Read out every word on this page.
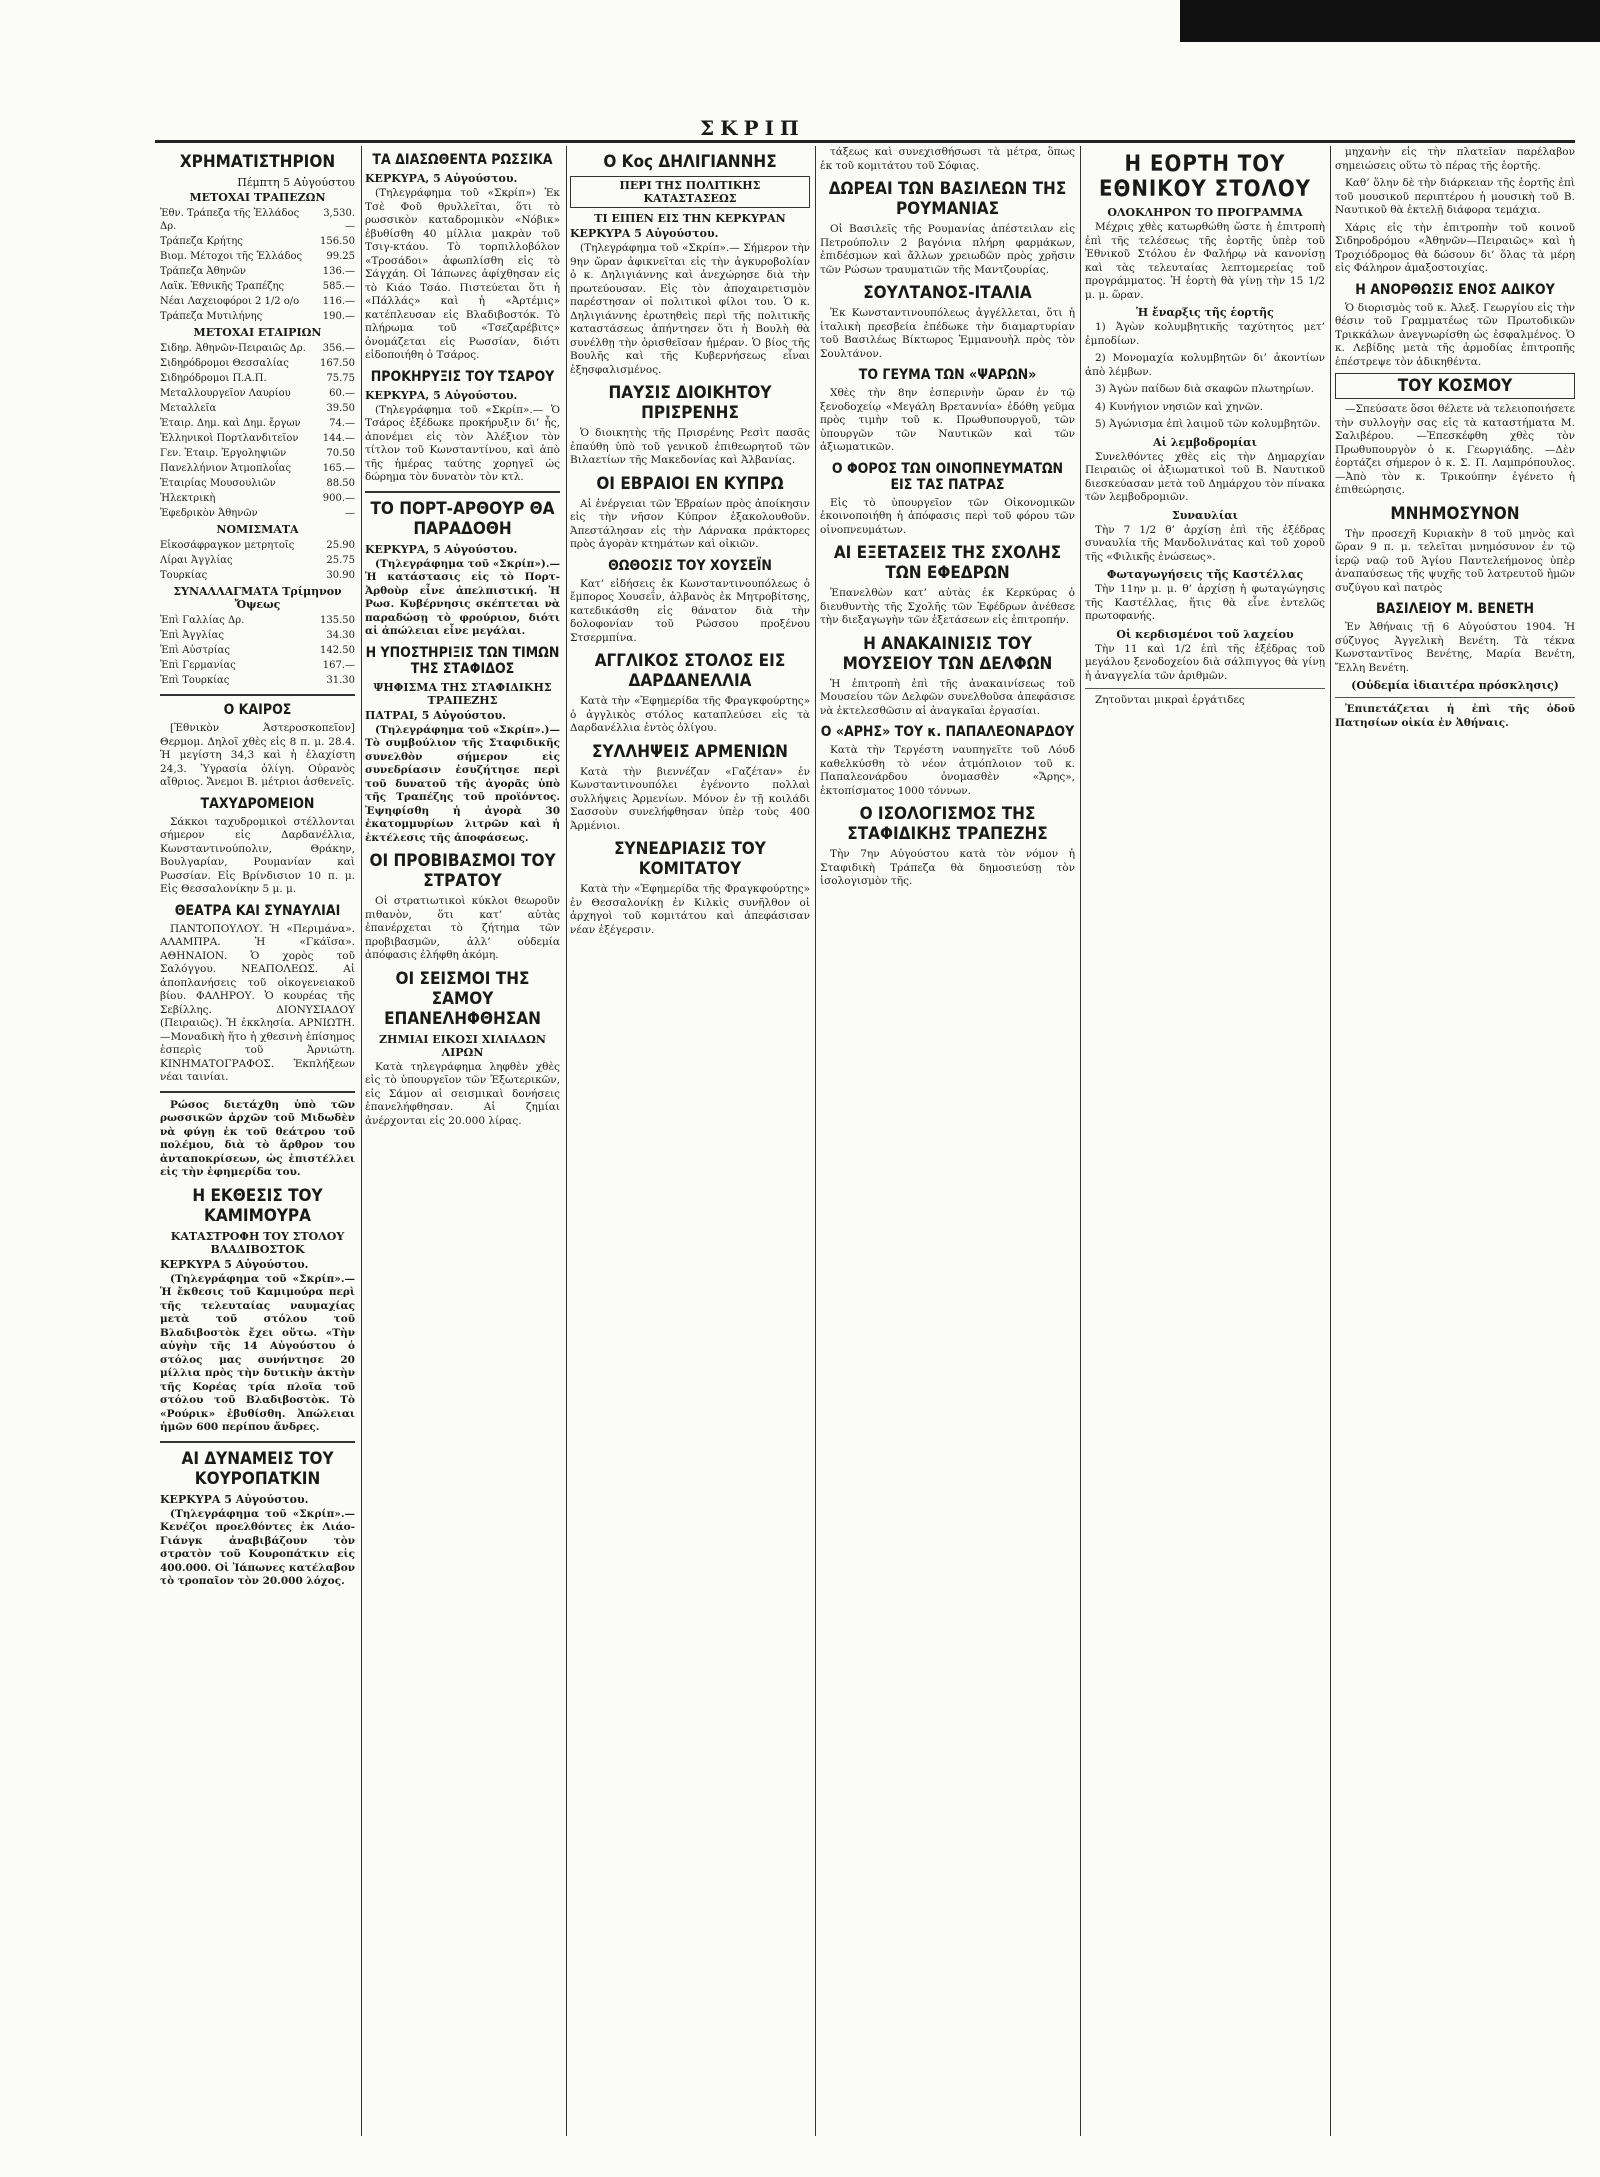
ΣΚΡΙΠ
ΧΡΗΜΑΤΙΣΤΗΡΙΟΝ
Πέμπτη 5 Αὐγούστου
ΜΕΤΟΧΑΙ ΤΡΑΠΕΖΩΝ
Ἐθν. Τράπεζα τῆς Ἑλλάδος Δρ.	3,530.—
Τράπεζα Κρήτης	156.50
Βιομ. Μέτοχοι τῆς Ἑλλάδος	99.25
Τράπεζα Ἀθηνῶν	136.—
Λαϊκ. Ἐθνικῆς Τραπέζης	585.—
Νέαι Λαχειοφόροι 2 1/2 ο/ο	116.—
Τράπεζα Μυτιλήνης	190.—
ΜΕΤΟΧΑΙ ΕΤΑΙΡΙΩΝ
Σιδηρ. Ἀθηνῶν-Πειραιῶς Δρ.	356.—
Σιδηρόδρομοι Θεσσαλίας	167.50
Σιδηρόδρομοι Π.Α.Π.	75.75
Μεταλλουργεῖον Λαυρίου	60.—
Μεταλλεῖα	39.50
Ἑταιρ. Δημ. καὶ Δημ. ἔργων	74.—
Ἑλληνικοὶ Πορτλανδιτεῖον	144.—
Γεν. Ἑταιρ. Ἐργοληψιῶν	70.50
Πανελλήνιον Ἀτμοπλοΐας	165.—
Ἑταιρίας Μουσουλιῶν	88.50
Ἠλεκτρικὴ	900.—
Ἐφεδρικὸν Ἀθηνῶν	—
ΝΟΜΙΣΜΑΤΑ
Εἰκοσάφραγκον μετρητοῖς	25.90
Λίραι Ἀγγλίας	25.75
Τουρκίας	30.90
ΣΥΝΑΛΛΑΓΜΑΤΑ Τρίμηνον Ὄψεως
Ἐπὶ Γαλλίας Δρ.	135.50
Ἐπὶ Ἀγγλίας	34.30
Ἐπὶ Αὐστρίας	142.50
Ἐπὶ Γερμανίας	167.—
Ἐπὶ Τουρκίας	31.30
Ο ΚΑΙΡΟΣ

[Ἐθνικὸν Ἀστεροσκοπεῖον] Θερμομ. Δηλοῖ χθὲς εἰς 8 π. μ. 28.4. Ἡ μεγίστη 34,3 καὶ ἡ ἐλαχίστη 24,3. Ὑγρασία ὀλίγη. Οὐρανὸς αἴθριος. Ἄνεμοι Β. μέτριοι ἀσθενεῖς.

ΤΑΧΥΔΡΟΜΕΙΟΝ

Σάκκοι ταχυδρομικοὶ στέλλονται σήμερον εἰς Δαρδανέλλια, Κωνσταντινούπολιν, Θράκην, Βουλγαρίαν, Ρουμανίαν καὶ Ρωσσίαν. Εἰς Βρίνδισιον 10 π. μ. Εἰς Θεσσαλονίκην 5 μ. μ.

ΘΕΑΤΡΑ ΚΑΙ ΣΥΝΑΥΛΙΑΙ

ΠΑΝΤΟΠΟΥΛΟΥ. Ἡ «Περιμάνα». ΑΛΑΜΠΡΑ. Ἡ «Γκάϊσα». ΑΘΗΝΑΙΟΝ. Ὁ χορὸς τοῦ Σαλόγγου. ΝΕΑΠΟΛΕΩΣ. Αἱ ἀποπλανήσεις τοῦ οἰκογενειακοῦ βίου. ΦΑΛΗΡΟΥ. Ὁ κουρέας τῆς Σεβίλλης. ΔΙΟΝΥΣΙΑΔΟΥ (Πειραιῶς). Ἡ ἐκκλησία. ΑΡΝΙΩΤΗ.—Μοναδικὴ ἥτο ἡ χθεσινὴ ἐπίσημος ἑσπερὶς τοῦ Ἀρνιώτη. ΚΙΝΗΜΑΤΟΓΡΑΦΟΣ. Ἐκπλήξεων νέαι ταινίαι.

Ρώσος διετάχθη ὑπὸ τῶν ρωσσικῶν ἀρχῶν τοῦ Μιδωδὲν νὰ φύγῃ ἐκ τοῦ θεάτρου τοῦ πολέμου, διὰ τὸ ἄρθρον του ἀνταποκρίσεων, ὡς ἐπιστέλλει εἰς τὴν ἐφημερίδα του.

Η ΕΚΘΕΣΙΣ ΤΟΥ ΚΑΜΙΜΟΥΡΑ
ΚΑΤΑΣΤΡΟΦΗ ΤΟΥ ΣΤΟΛΟΥ ΒΛΑΔΙΒΟΣΤΟΚ
ΚΕΡΚΥΡΑ 5 Αὐγούστου.

(Τηλεγράφημα τοῦ «Σκρίπ».—Ἡ ἔκθεσις τοῦ Καμιμούρα περὶ τῆς τελευταίας ναυμαχίας μετὰ τοῦ στόλου τοῦ Βλαδιβοστὸκ ἔχει οὕτω. «Τὴν αὐγὴν τῆς 14 Αὐγούστου ὁ στόλος μας συνήντησε 20 μίλλια πρὸς τὴν δυτικὴν ἀκτὴν τῆς Κορέας τρία πλοῖα τοῦ στόλου τοῦ Βλαδιβοστὸκ. Τὸ «Ρούρικ» ἐβυθίσθη. Ἀπώλειαι ἡμῶν 600 περίπου ἄνδρες.

ΑΙ ΔΥΝΑΜΕΙΣ ΤΟΥ ΚΟΥΡΟΠΑΤΚΙΝ
ΚΕΡΚΥΡΑ 5 Αὐγούστου.

(Τηλεγράφημα τοῦ «Σκρίπ».— Κενέζοι προελθόντες ἐκ Λιάο-Γιάνγκ ἀναβιβάζουν τὸν στρατὸν τοῦ Κουροπάτκιν εἰς 400.000. Οἱ Ἰάπωνες κατέλαβον τὸ τροπαῖον τὸν 20.000 λόχος.

ΤΑ ΔΙΑΣΩΘΕΝΤΑ ΡΩΣΣΙΚΑ
ΚΕΡΚΥΡΑ, 5 Αὐγούστου.

(Τηλεγράφημα τοῦ «Σκρίπ») Ἐκ Τσὲ Φοῦ θρυλλεῖται, ὅτι τὸ ρωσσικὸν καταδρομικὸν «Νόβικ» ἐβυθίσθη 40 μίλλια μακρὰν τοῦ Τσιγ-κτάου. Τὸ τορπιλλοβόλον «Τροσάδοι» ἀφωπλίσθη εἰς τὸ Σάγχάη. Οἱ Ἰάπωνες ἀφίχθησαν εἰς τὸ Κιάο Τσάο. Πιστεύεται ὅτι ἡ «Πάλλάς» καὶ ἡ «Ἀρτέμις» κατέπλευσαν εἰς Βλαδιβοστόκ. Τὸ πλήρωμα τοῦ «Τσεζαρέβιτς» ὀνομάζεται εἰς Ρωσσίαν, διότι εἰδοποιήθη ὁ Τσάρος.

ΠΡΟΚΗΡΥΞΙΣ ΤΟΥ ΤΣΑΡΟΥ
ΚΕΡΚΥΡΑ, 5 Αὐγούστου.

(Τηλεγράφημα τοῦ «Σκρίπ».— Ὁ Τσάρος ἐξέδωκε προκήρυξιν δι’ ἧς, ἀπονέμει εἰς τὸν Ἀλέξιον τὸν τίτλον τοῦ Κωνσταντίνου, καὶ ἀπὸ τῆς ἡμέρας ταύτης χορηγεῖ ὡς δώρημα τὸν δυνατὸν τὸν κτλ.

ΤΟ ΠΟΡΤ-ΑΡΘΟΥΡ ΘΑ ΠΑΡΑΔΟΘΗ
ΚΕΡΚΥΡΑ, 5 Αὐγούστου.

(Τηλεγράφημα τοῦ «Σκρίπ»).— Ἡ κατάστασις εἰς τὸ Πορτ-Ἀρθοὺρ εἶνε ἀπελπιστική. Ἡ Ρωσ. Κυβέρνησις σκέπτεται νὰ παραδώσῃ τὸ φρούριον, διότι αἱ ἀπώλειαι εἶνε μεγάλαι.

Η ΥΠΟΣΤΗΡΙΞΙΣ ΤΩΝ ΤΙΜΩΝ ΤΗΣ ΣΤΑΦΙΔΟΣ
ΨΗΦΙΣΜΑ ΤΗΣ ΣΤΑΦΙΔΙΚΗΣ ΤΡΑΠΕΖΗΣ
ΠΑΤΡΑΙ, 5 Αὐγούστου.

(Τηλεγράφημα τοῦ «Σκρίπ».)— Τὸ συμβούλιον τῆς Σταφιδικῆς συνελθὸν σήμερον εἰς συνεδρίασιν ἐσυζήτησε περὶ τοῦ δυνατοῦ τῆς ἀγορᾶς ὑπὸ τῆς Τραπέζης τοῦ προϊόντος. Ἐψηφίσθη ἡ ἀγορὰ 30 ἑκατομμυρίων λιτρῶν καὶ ἡ ἐκτέλεσις τῆς ἀποφάσεως.

ΟΙ ΠΡΟΒΙΒΑΣΜΟΙ ΤΟΥ ΣΤΡΑΤΟΥ

Οἱ στρατιωτικοὶ κύκλοι θεωροῦν πιθανὸν, ὅτι κατ’ αὐτὰς ἐπανέρχεται τὸ ζήτημα τῶν προβιβασμῶν, ἀλλ’ οὐδεμία ἀπόφασις ἐλήφθη ἀκόμη.

ΟΙ ΣΕΙΣΜΟΙ ΤΗΣ ΣΑΜΟΥ ΕΠΑΝΕΛΗΦΘΗΣΑΝ
ΖΗΜΙΑΙ ΕΙΚΟΣΙ ΧΙΛΙΑΔΩΝ ΛΙΡΩΝ

Κατὰ τηλεγράφημα ληφθὲν χθὲς εἰς τὸ ὑπουργεῖον τῶν Ἐξωτερικῶν, εἰς Σάμον αἱ σεισμικαὶ δονήσεις ἐπανελήφθησαν. Αἱ ζημίαι ἀνέρχονται εἰς 20.000 λίρας.

Ο Κος ΔΗΛΙΓΙΑΝΝΗΣ
ΠΕΡΙ ΤΗΣ ΠΟΛΙΤΙΚΗΣ ΚΑΤΑΣΤΑΣΕΩΣ
ΤΙ ΕΙΠΕΝ ΕΙΣ ΤΗΝ ΚΕΡΚΥΡΑΝ
ΚΕΡΚΥΡΑ 5 Αὐγούστου.

(Τηλεγράφημα τοῦ «Σκρίπ».— Σήμερον τὴν 9ην ὥραν ἀφικνεῖται εἰς τὴν ἀγκυροβολίαν ὁ κ. Δηλιγιάννης καὶ ἀνεχώρησε διὰ τὴν πρωτεύουσαν. Εἰς τὸν ἀποχαιρετισμὸν παρέστησαν οἱ πολιτικοὶ φίλοι του. Ὁ κ. Δηλιγιάννης ἐρωτηθεὶς περὶ τῆς πολιτικῆς καταστάσεως ἀπήντησεν ὅτι ἡ Βουλὴ θὰ συνέλθῃ τὴν ὁρισθεῖσαν ἡμέραν. Ὁ βίος τῆς Βουλῆς καὶ τῆς Κυβερνήσεως εἶναι ἐξησφαλισμένος.

ΠΑΥΣΙΣ ΔΙΟΙΚΗΤΟΥ ΠΡΙΣΡΕΝΗΣ

Ὁ διοικητὴς τῆς Πρισρένης Ρεσὶτ πασᾶς ἐπαύθη ὑπὸ τοῦ γενικοῦ ἐπιθεωρητοῦ τῶν Βιλαετίων τῆς Μακεδονίας καὶ Ἀλβανίας.

ΟΙ ΕΒΡΑΙΟΙ ΕΝ ΚΥΠΡΩ

Αἱ ἐνέργειαι τῶν Ἑβραίων πρὸς ἀποίκησιν εἰς τὴν νῆσον Κύπρον ἐξακολουθοῦν. Ἀπεστάλησαν εἰς τὴν Λάρνακα πράκτορες πρὸς ἀγορὰν κτημάτων καὶ οἰκιῶν.

ΘΩΘΟΣΙΣ ΤΟΥ ΧΟΥΣΕΪΝ

Κατ’ εἰδήσεις ἐκ Κωνσταντινουπόλεως ὁ ἔμπορος Χουσεΐν, ἀλβανὸς ἐκ Μητροβίτσης, κατεδικάσθη εἰς θάνατον διὰ τὴν δολοφονίαν τοῦ Ρώσσου προξένου Στσερμπίνα.

ΑΓΓΛΙΚΟΣ ΣΤΟΛΟΣ ΕΙΣ ΔΑΡΔΑΝΕΛΛΙΑ

Κατὰ τὴν «Ἐφημερίδα τῆς Φραγκφούρτης» ὁ ἀγγλικὸς στόλος καταπλεύσει εἰς τὰ Δαρδανέλλια ἐντὸς ὀλίγου.

ΣΥΛΛΗΨΕΙΣ ΑΡΜΕΝΙΩΝ

Κατὰ τὴν βιεννέζαν «Γαζέταν» ἐν Κωνσταντινουπόλει ἐγένοντο πολλαὶ συλλήψεις Ἀρμενίων. Μόνον ἐν τῇ κοιλάδι Σασσοὺν συνελήφθησαν ὑπὲρ τοὺς 400 Ἀρμένιοι.

ΣΥΝΕΔΡΙΑΣΙΣ ΤΟΥ ΚΟΜΙΤΑΤΟΥ

Κατὰ τὴν «Ἐφημερίδα τῆς Φραγκφούρτης» ἐν Θεσσαλονίκῃ ἐν Κιλκὶς συνῆλθον οἱ ἀρχηγοὶ τοῦ κομιτάτου καὶ ἀπεφάσισαν νέαν ἐξέγερσιν.

τάξεως καὶ συνεχισθήσωσι τὰ μέτρα, ὃπως ἐκ τοῦ κομιτάτου τοῦ Σόφιας.

ΔΩΡΕΑΙ ΤΩΝ ΒΑΣΙΛΕΩΝ ΤΗΣ ΡΟΥΜΑΝΙΑΣ

Οἱ Βασιλεῖς τῆς Ρουμανίας ἀπέστειλαν εἰς Πετρούπολιν 2 βαγόνια πλήρη φαρμάκων, ἐπιδέσμων καὶ ἄλλων χρειωδῶν πρὸς χρῆσιν τῶν Ρώσων τραυματιῶν τῆς Μαντζουρίας.

ΣΟΥΛΤΑΝΟΣ-ΙΤΑΛΙΑ

Ἐκ Κωνσταντινουπόλεως ἀγγέλλεται, ὅτι ἡ ἰταλικὴ πρεσβεία ἐπέδωκε τὴν διαμαρτυρίαν τοῦ Βασιλέως Βίκτωρος Ἐμμανουὴλ πρὸς τὸν Σουλτάνον.

ΤΟ ΓΕΥΜΑ ΤΩΝ «ΨΑΡΩΝ»

Χθὲς τὴν 8ην ἑσπερινὴν ὥραν ἐν τῷ ξενοδοχείῳ «Μεγάλη Βρεταννία» ἐδόθη γεῦμα πρὸς τιμὴν τοῦ κ. Πρωθυπουργοῦ, τῶν ὑπουργῶν τῶν Ναυτικῶν καὶ τῶν ἀξιωματικῶν.

Ο ΦΟΡΟΣ ΤΩΝ ΟΙΝΟΠΝΕΥΜΑΤΩΝ ΕΙΣ ΤΑΣ ΠΑΤΡΑΣ

Εἰς τὸ ὑπουργεῖον τῶν Οἰκονομικῶν ἐκοινοποιήθη ἡ ἀπόφασις περὶ τοῦ φόρου τῶν οἰνοπνευμάτων.

ΑΙ ΕΞΕΤΑΣΕΙΣ ΤΗΣ ΣΧΟΛΗΣ ΤΩΝ ΕΦΕΔΡΩΝ

Ἐπανελθὼν κατ’ αὐτὰς ἐκ Κερκύρας ὁ διευθυντὴς τῆς Σχολῆς τῶν Ἐφέδρων ἀνέθεσε τὴν διεξαγωγὴν τῶν ἐξετάσεων εἰς ἐπιτροπήν.

Η ΑΝΑΚΑΙΝΙΣΙΣ ΤΟΥ ΜΟΥΣΕΙΟΥ ΤΩΝ ΔΕΛΦΩΝ

Ἡ ἐπιτροπὴ ἐπὶ τῆς ἀνακαινίσεως τοῦ Μουσείου τῶν Δελφῶν συνελθοῦσα ἀπεφάσισε νὰ ἐκτελεσθῶσιν αἱ ἀναγκαῖαι ἐργασίαι.

Ο «ΑΡΗΣ» ΤΟΥ κ. ΠΑΠΑΛΕΟΝΑΡΔΟΥ

Κατὰ τὴν Τεργέστη ναυπηγεῖτε τοῦ Λόυδ καθελκύσθη τὸ νέον ἀτμόπλοιον τοῦ κ. Παπαλεονάρδου ὀνομασθὲν «Ἄρης», ἐκτοπίσματος 1000 τόννων.

Ο ΙΣΟΛΟΓΙΣΜΟΣ ΤΗΣ ΣΤΑΦΙΔΙΚΗΣ ΤΡΑΠΕΖΗΣ

Τὴν 7ην Αὐγούστου κατὰ τὸν νόμον ἡ Σταφιδικὴ Τράπεζα θὰ δημοσιεύσῃ τὸν ἰσολογισμὸν τῆς.

Η ΕΟΡΤΗ ΤΟΥ ΕΘΝΙΚΟΥ ΣΤΟΛΟΥ
ΟΛΟΚΛΗΡΟΝ ΤΟ ΠΡΟΓΡΑΜΜΑ

Μέχρις χθὲς κατωρθώθη ὥστε ἡ ἐπιτροπὴ ἐπὶ τῆς τελέσεως τῆς ἑορτῆς ὑπὲρ τοῦ Ἐθνικοῦ Στόλου ἐν Φαλήρῳ νὰ κανονίσῃ καὶ τὰς τελευταίας λεπτομερείας τοῦ προγράμματος. Ἡ ἑορτὴ θὰ γίνῃ τὴν 15 1/2 μ. μ. ὥραν.

Ἡ ἔναρξις τῆς ἑορτῆς

1) Ἀγὼν κολυμβητικῆς ταχύτητος μετ’ ἐμποδίων.

2) Μονομαχία κολυμβητῶν δι’ ἀκοντίων ἀπὸ λέμβων.

3) Ἀγὼν παίδων διὰ σκαφῶν πλωτηρίων.

4) Κυνήγιον νησιῶν καὶ χηνῶν.

5) Ἀγώνισμα ἐπὶ λαιμοῦ τῶν κολυμβητῶν.

Αἱ λεμβοδρομίαι

Συνελθόντες χθὲς εἰς τὴν Δημαρχίαν Πειραιῶς οἱ ἀξιωματικοὶ τοῦ Β. Ναυτικοῦ διεσκεύασαν μετὰ τοῦ Δημάρχου τὸν πίνακα τῶν λεμβοδρομιῶν.

Συναυλίαι

Τὴν 7 1/2 θ’ ἀρχίσῃ ἐπὶ τῆς ἐξέδρας συναυλία τῆς Μανδολινάτας καὶ τοῦ χοροῦ τῆς «Φιλικῆς ἑνώσεως».

Φωταγωγήσεις τῆς Καστέλλας

Τὴν 11ην μ. μ. θ’ ἀρχίσῃ ἡ φωταγώγησις τῆς Καστέλλας, ἥτις θὰ εἶνε ἐντελῶς πρωτοφανής.

Οἱ κερδισμένοι τοῦ λαχείου

Τὴν 11 καὶ 1/2 ἐπὶ τῆς ἐξέδρας τοῦ μεγάλου ξενοδοχείου διὰ σάλπιγγος θὰ γίνῃ ἡ ἀναγγελία τῶν ἀριθμῶν.

Ζητοῦνται μικραὶ ἐργάτιδες

μηχανὴν εἰς τὴν πλατεῖαν παρέλαβον σημειώσεις οὕτω τὸ πέρας τῆς ἑορτῆς.

Καθ’ ὅλην δὲ τὴν διάρκειαν τῆς ἑορτῆς ἐπὶ τοῦ μουσικοῦ περιπτέρου ἡ μουσικὴ τοῦ Β. Ναυτικοῦ θὰ ἐκτελῇ διάφορα τεμάχια.

Χάρις εἰς τὴν ἐπιτροπὴν τοῦ κοινοῦ Σιδηροδρόμου «Ἀθηνῶν—Πειραιῶς» καὶ ἡ Τροχιόδρομος θὰ δώσουν δι’ ὅλας τὰ μέρη εἰς Φάληρον ἀμαξοστοιχίας.

Η ΑΝΟΡΘΩΣΙΣ ΕΝΟΣ ΑΔΙΚΟΥ

Ὁ διορισμὸς τοῦ κ. Ἀλεξ. Γεωργίου εἰς τὴν θέσιν τοῦ Γραμματέως τῶν Πρωτοδικῶν Τρικκάλων ἀνεγνωρίσθη ὡς ἐσφαλμένος. Ὁ κ. Λεβίδης μετὰ τῆς ἁρμοδίας ἐπιτροπῆς ἐπέστρεψε τὸν ἀδικηθέντα.

ΤΟΥ ΚΟΣΜΟΥ

—Σπεύσατε ὅσοι θέλετε νὰ τελειοποιήσετε τὴν συλλογὴν σας εἰς τὰ καταστήματα Μ. Σαλιβέρου. —Ἐπεσκέφθη χθὲς τὸν Πρωθυπουργὸν ὁ κ. Γεωργιάδης. —Δὲν ἑορτάζει σήμερον ὁ κ. Σ. Π. Λαμπρόπουλος. —Ἀπὸ τὸν κ. Τρικούπην ἐγένετο ἡ ἐπιθεώρησις.

ΜΝΗΜΟΣΥΝΟΝ

Τὴν προσεχῆ Κυριακὴν 8 τοῦ μηνὸς καὶ ὥραν 9 π. μ. τελεῖται μνημόσυνον ἐν τῷ ἱερῷ ναῷ τοῦ Ἁγίου Παντελεήμονος ὑπὲρ ἀναπαύσεως τῆς ψυχῆς τοῦ λατρευτοῦ ἡμῶν συζύγου καὶ πατρὸς

ΒΑΣΙΛΕΙΟΥ Μ. ΒΕΝΕΤΗ

Ἐν Ἀθήναις τῇ 6 Αὐγούστου 1904. Ἡ σύζυγος Ἀγγελικὴ Βενέτη. Τὰ τέκνα Κωνσταντῖνος Βενέτης, Μαρία Βενέτη, Ἔλλη Βενέτη.

(Οὐδεμία ἰδιαιτέρα πρόσκλησις)

Ἐπιπετάζεται ἡ ἐπὶ τῆς ὁδοῦ Πατησίων οἰκία ἐν Ἀθήναις.
